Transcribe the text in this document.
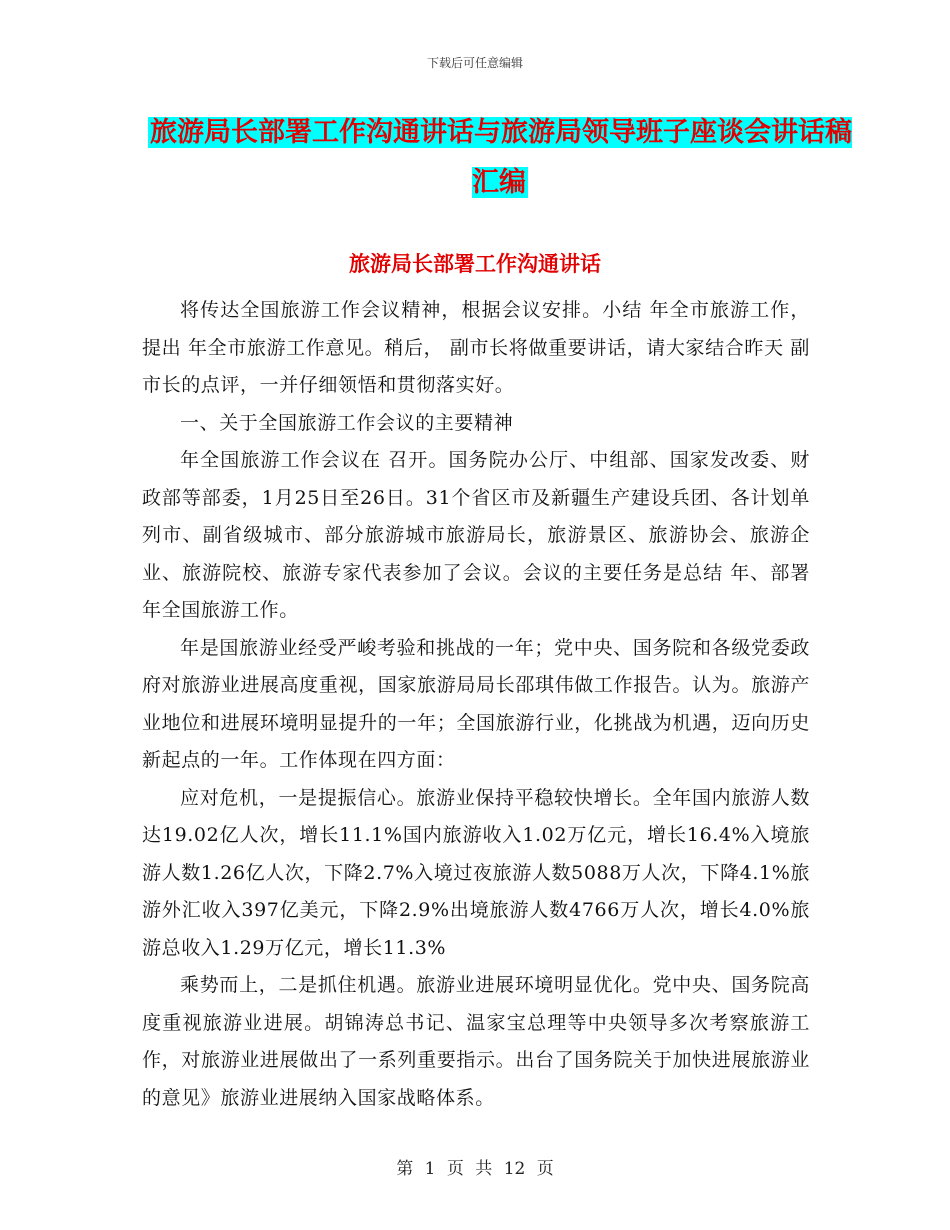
下载后可任意编辑
旅游局长部署工作沟通讲话与旅游局领导班子座谈会讲话稿汇编
旅游局长部署工作沟通讲话

将传达全国旅游工作会议精神，根据会议安排。小结 年全市旅游工作，提出 年全市旅游工作意见。稍后， 副市长将做重要讲话，请大家结合昨天 副市长的点评，一并仔细领悟和贯彻落实好。

一、关于全国旅游工作会议的主要精神

年全国旅游工作会议在 召开。国务院办公厅、中组部、国家发改委、财政部等部委，1月25日至26日。31个省区市及新疆生产建设兵团、各计划单列市、副省级城市、部分旅游城市旅游局长，旅游景区、旅游协会、旅游企业、旅游院校、旅游专家代表参加了会议。会议的主要任务是总结 年、部署 年全国旅游工作。

年是国旅游业经受严峻考验和挑战的一年；党中央、国务院和各级党委政府对旅游业进展高度重视，国家旅游局局长邵琪伟做工作报告。认为。旅游产业地位和进展环境明显提升的一年；全国旅游行业，化挑战为机遇，迈向历史新起点的一年。工作体现在四方面：

应对危机，一是提振信心。旅游业保持平稳较快增长。全年国内旅游人数达19.02亿人次，增长11.1%国内旅游收入1.02万亿元，增长16.4%入境旅游人数1.26亿人次，下降2.7%入境过夜旅游人数5088万人次，下降4.1%旅游外汇收入397亿美元，下降2.9%出境旅游人数4766万人次，增长4.0%旅游总收入1.29万亿元，增长11.3%

乘势而上，二是抓住机遇。旅游业进展环境明显优化。党中央、国务院高度重视旅游业进展。胡锦涛总书记、温家宝总理等中央领导多次考察旅游工作，对旅游业进展做出了一系列重要指示。出台了国务院关于加快进展旅游业的意见》旅游业进展纳入国家战略体系。

第 1 页 共 12 页
